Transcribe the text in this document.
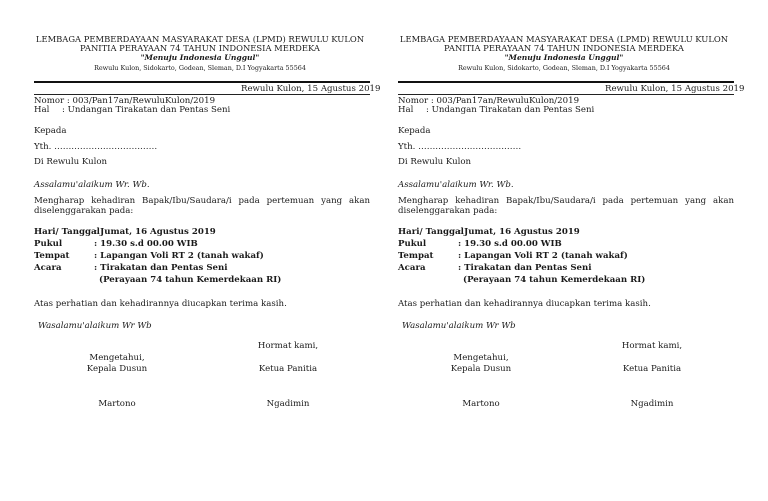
LEMBAGA PEMBERDAYAAN MASYARAKAT DESA (LPMD) REWULU KULON
PANITIA PERAYAAN 74 TAHUN INDONESIA MERDEKA
"Menuju Indonesia Unggul"
Rewulu Kulon, Sidokarto, Godean, Sleman, D.I Yogyakarta 55564
Rewulu Kulon, 15 Agustus 2019
Nomor : 003/Pan17an/RewuluKulon/2019
Hal : Undangan Tirakatan dan Pentas Seni
Kepada
Yth. ………………………………
Di Rewulu Kulon
Assalamu'alaikum Wr. Wb.
Mengharap kehadiran Bapak/Ibu/Saudara/i pada pertemuan yang akan
diselenggarakan pada:
Hari/ Tanggal: Jumat, 16 Agustus 2019
Pukul	: 19.30 s.d 00.00 WIB
Tempat	: Lapangan Voli RT 2 (tanah wakaf)
Acara	: Tirakatan dan Pentas Seni
(Perayaan 74 tahun Kemerdekaan RI)
Atas perhatian dan kehadirannya diucapkan terima kasih.
Wasalamu'alaikum Wr Wb
Hormat kami,
Mengetahui,
Kepala Dusun	Ketua Panitia
Martono	Ngadimin
LEMBAGA PEMBERDAYAAN MASYARAKAT DESA (LPMD) REWULU KULON
PANITIA PERAYAAN 74 TAHUN INDONESIA MERDEKA
"Menuju Indonesia Unggul"
Rewulu Kulon, Sidokarto, Godean, Sleman, D.I Yogyakarta 55564
Rewulu Kulon, 15 Agustus 2019
Nomor : 003/Pan17an/RewuluKulon/2019
Hal : Undangan Tirakatan dan Pentas Seni
Kepada
Yth. ………………………………
Di Rewulu Kulon
Assalamu'alaikum Wr. Wb.
Mengharap kehadiran Bapak/Ibu/Saudara/i pada pertemuan yang akan
diselenggarakan pada:
Hari/ Tanggal: Jumat, 16 Agustus 2019
Pukul	: 19.30 s.d 00.00 WIB
Tempat	: Lapangan Voli RT 2 (tanah wakaf)
Acara	: Tirakatan dan Pentas Seni
(Perayaan 74 tahun Kemerdekaan RI)
Atas perhatian dan kehadirannya diucapkan terima kasih.
Wasalamu'alaikum Wr Wb
Hormat kami,
Mengetahui,
Kepala Dusun	Ketua Panitia
Martono	Ngadimin
